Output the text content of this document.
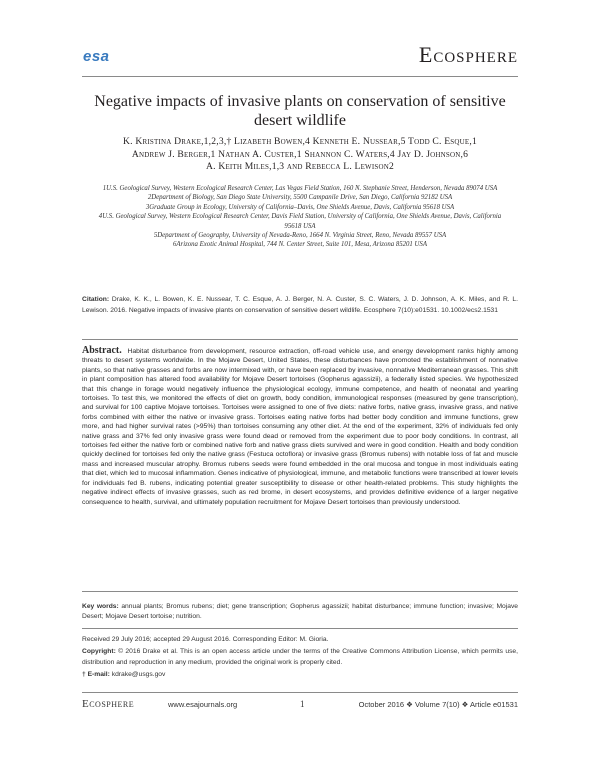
esa	Ecosphere
Negative impacts of invasive plants on conservation of sensitive desert wildlife
K. Kristina Drake,1,2,3,† Lizabeth Bowen,4 Kenneth E. Nussear,5 Todd C. Esque,1
Andrew J. Berger,1 Nathan A. Custer,1 Shannon C. Waters,4 Jay D. Johnson,6
A. Keith Miles,1,3 and Rebecca L. Lewison2
1U.S. Geological Survey, Western Ecological Research Center, Las Vegas Field Station, 160 N. Stephanie Street, Henderson, Nevada 89074 USA
2Department of Biology, San Diego State University, 5500 Campanile Drive, San Diego, California 92182 USA
3Graduate Group in Ecology, University of California–Davis, One Shields Avenue, Davis, California 95618 USA
4U.S. Geological Survey, Western Ecological Research Center, Davis Field Station, University of California, One Shields Avenue, Davis, California 95618 USA
5Department of Geography, University of Nevada-Reno, 1664 N. Virginia Street, Reno, Nevada 89557 USA
6Arizona Exotic Animal Hospital, 744 N. Center Street, Suite 101, Mesa, Arizona 85201 USA
Citation: Drake, K. K., L. Bowen, K. E. Nussear, T. C. Esque, A. J. Berger, N. A. Custer, S. C. Waters, J. D. Johnson, A. K. Miles, and R. L. Lewison. 2016. Negative impacts of invasive plants on conservation of sensitive desert wildlife. Ecosphere 7(10):e01531. 10.1002/ecs2.1531
Abstract. Habitat disturbance from development, resource extraction, off-road vehicle use, and energy development ranks highly among threats to desert systems worldwide. In the Mojave Desert, United States, these disturbances have promoted the establishment of nonnative plants, so that native grasses and forbs are now intermixed with, or have been replaced by invasive, nonnative Mediterranean grasses. This shift in plant composition has altered food availability for Mojave Desert tortoises (Gopherus agassizii), a federally listed species. We hypothesized that this change in forage would negatively influence the physiological ecology, immune competence, and health of neonatal and yearling tortoises. To test this, we monitored the effects of diet on growth, body condition, immunological responses (measured by gene transcription), and survival for 100 captive Mojave tortoises. Tortoises were assigned to one of five diets: native forbs, native grass, invasive grass, and native forbs combined with either the native or invasive grass. Tortoises eating native forbs had better body condition and immune functions, grew more, and had higher survival rates (>95%) than tortoises consuming any other diet. At the end of the experiment, 32% of individuals fed only native grass and 37% fed only invasive grass were found dead or removed from the experiment due to poor body conditions. In contrast, all tortoises fed either the native forb or combined native forb and native grass diets survived and were in good condition. Health and body condition quickly declined for tortoises fed only the native grass (Festuca octoflora) or invasive grass (Bromus rubens) with notable loss of fat and muscle mass and increased muscular atrophy. Bromus rubens seeds were found embedded in the oral mucosa and tongue in most individuals eating that diet, which led to mucosal inflammation. Genes indicative of physiological, immune, and metabolic functions were transcribed at lower levels for individuals fed B. rubens, indicating potential greater susceptibility to disease or other health-related problems. This study highlights the negative indirect effects of invasive grasses, such as red brome, in desert ecosystems, and provides definitive evidence of a larger negative consequence to health, survival, and ultimately population recruitment for Mojave Desert tortoises than previously understood.
Key words: annual plants; Bromus rubens; diet; gene transcription; Gopherus agassizii; habitat disturbance; immune function; invasive; Mojave Desert; Mojave Desert tortoise; nutrition.
Received 29 July 2016; accepted 29 August 2016. Corresponding Editor: M. Gioria.
Copyright: © 2016 Drake et al. This is an open access article under the terms of the Creative Commons Attribution License, which permits use, distribution and reproduction in any medium, provided the original work is properly cited.
† E-mail: kdrake@usgs.gov
Ecosphere	www.esajournals.org	1	October 2016 ❖ Volume 7(10) ❖ Article e01531
